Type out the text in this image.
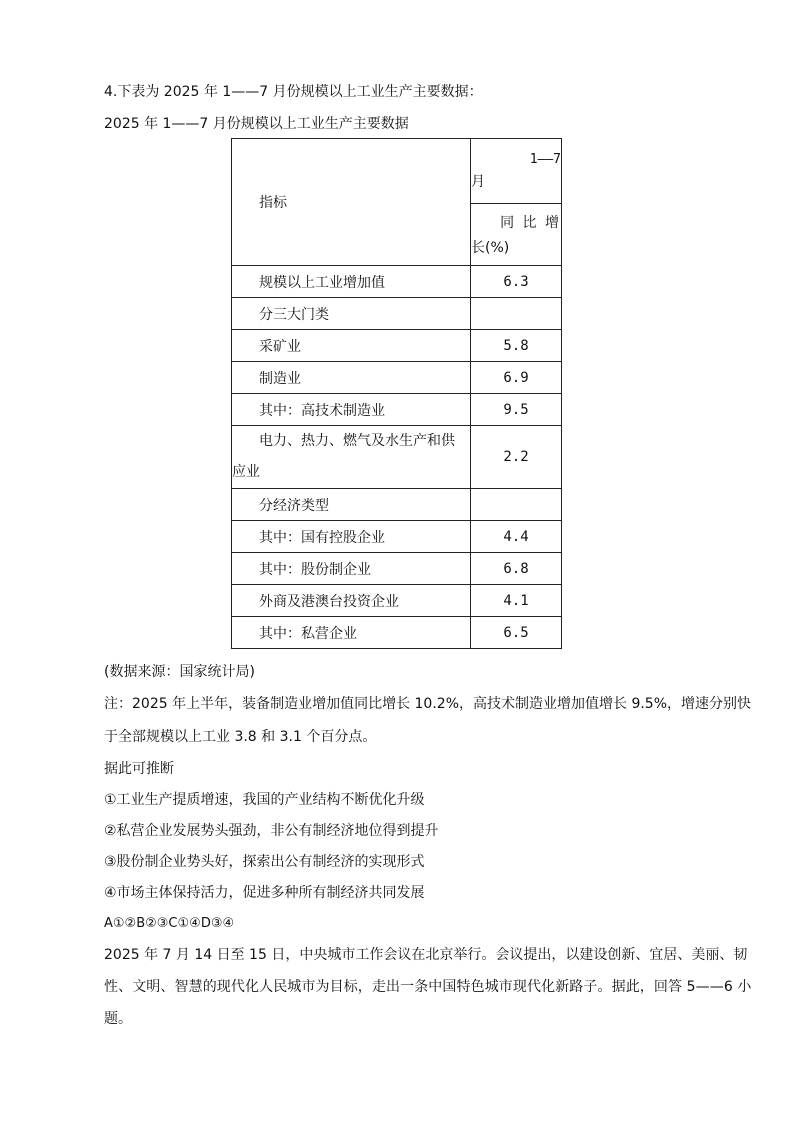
4.下表为 2025 年 1——7 月份规模以上工业生产主要数据：
2025 年 1——7 月份规模以上工业生产主要数据
指标	1——7
月

	同 比 增
长(%)

规模以上工业增加值	6.3
分三大门类	
采矿业	5.8
制造业	6.9
其中：高技术制造业	9.5

电力、热力、燃气及水生产和供
应业	2.2
分经济类型	
其中：国有控股企业	4.4
其中：股份制企业	6.8
外商及港澳台投资企业	4.1
其中：私营企业	6.5
(数据来源：国家统计局)
注：2025 年上半年，装备制造业增加值同比增长 10.2%，高技术制造业增加值增长 9.5%，增速分别快
于全部规模以上工业 3.8 和 3.1 个百分点。
据此可推断
①工业生产提质增速，我国的产业结构不断优化升级
②私营企业发展势头强劲，非公有制经济地位得到提升
③股份制企业势头好，探索出公有制经济的实现形式
④市场主体保持活力，促进多种所有制经济共同发展
A①②B②③C①④D③④
2025 年 7 月 14 日至 15 日，中央城市工作会议在北京举行。会议提出，以建设创新、宜居、美丽、韧
性、文明、智慧的现代化人民城市为目标，走出一条中国特色城市现代化新路子。据此，回答 5——6 小
题。
